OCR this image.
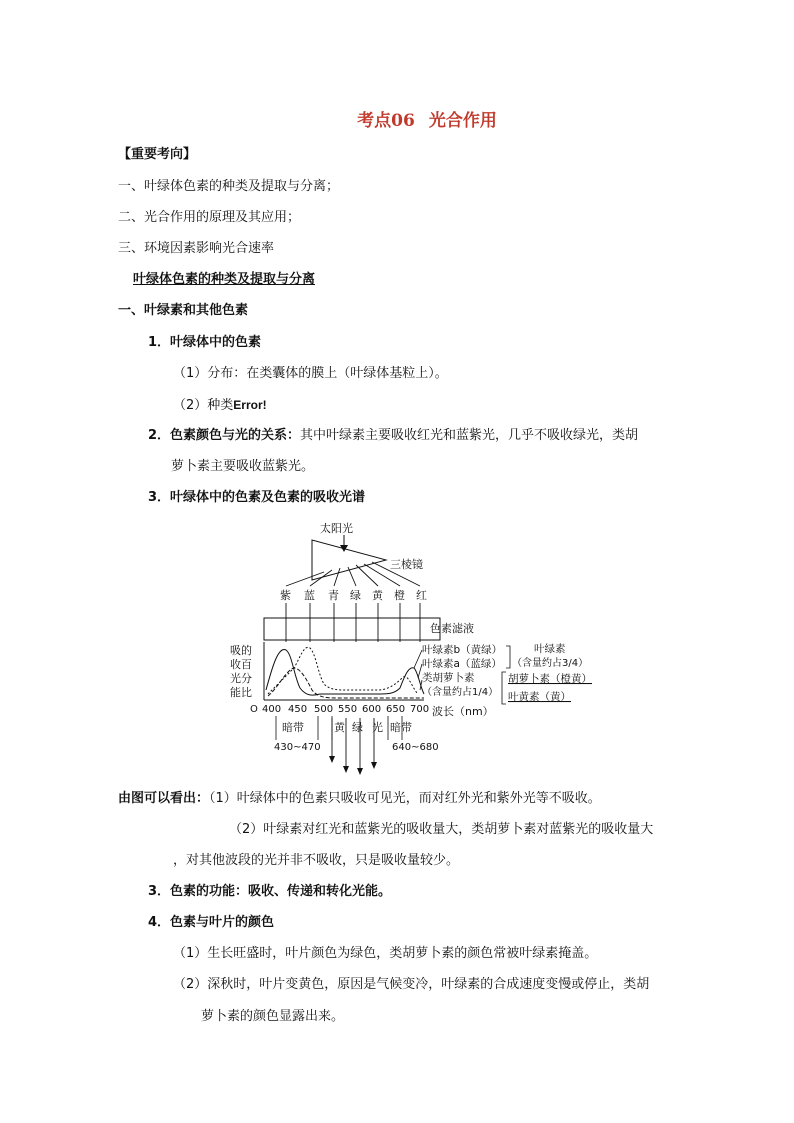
考点06 光合作用
【重要考向】
一、叶绿体色素的种类及提取与分离；
二、光合作用的原理及其应用；
三、环境因素影响光合速率
叶绿体色素的种类及提取与分离
一、叶绿素和其他色素
1．叶绿体中的色素
（1）分布：在类囊体的膜上（叶绿体基粒上）。
（2）种类Error!
2．色素颜色与光的关系：其中叶绿素主要吸收红光和蓝紫光，几乎不吸收绿光，类胡
萝卜素主要吸收蓝紫光。
3．叶绿体中的色素及色素的吸收光谱
太阳光
三棱镜
紫 蓝 青 绿 黄 橙 红
色素滤液
吸的
收百
光分
能比
O 400 450 500 550 600 650 700 波长（nm）
叶绿素b（黄绿）
叶绿素a（蓝绿）
叶绿素
（含量约占3/4）
类胡萝卜素
（含量约占1/4）
胡萝卜素（橙黄）
叶黄素（黄）
暗带
430~470
黄 绿 光 暗带
640~680
由图可以看出：（1）叶绿体中的色素只吸收可见光，而对红外光和紫外光等不吸收。
（2）叶绿素对红光和蓝紫光的吸收量大，类胡萝卜素对蓝紫光的吸收量大
，对其他波段的光并非不吸收，只是吸收量较少。
3．色素的功能：吸收、传递和转化光能。
4．色素与叶片的颜色
（1）生长旺盛时，叶片颜色为绿色，类胡萝卜素的颜色常被叶绿素掩盖。
（2）深秋时，叶片变黄色，原因是气候变冷，叶绿素的合成速度变慢或停止，类胡
萝卜素的颜色显露出来。
